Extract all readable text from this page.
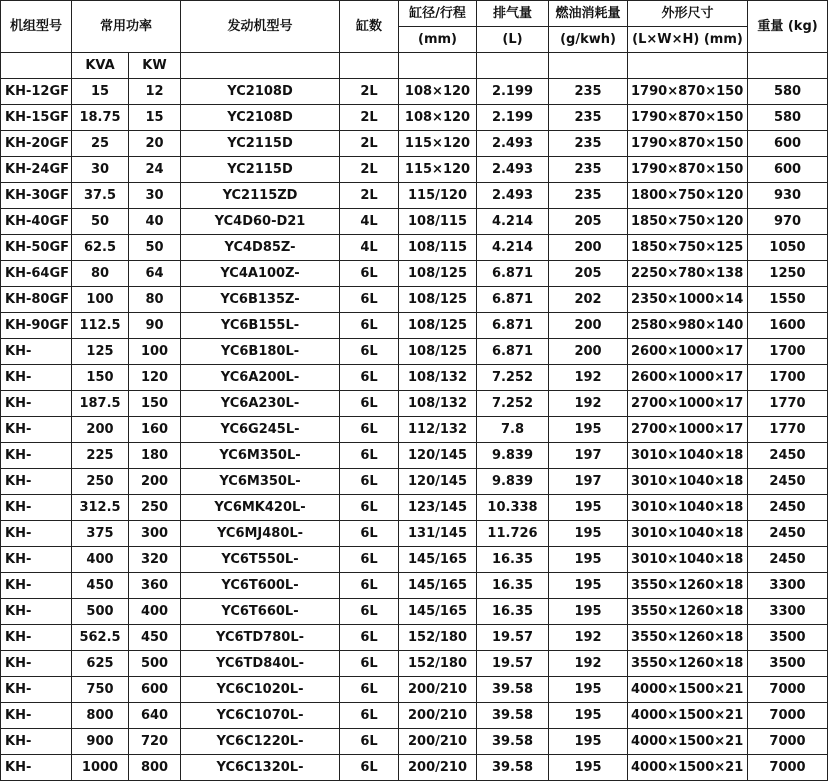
机组型号	常用功率		发动机型号	缸数	缸径/行程	排气量	燃油消耗量	外形尺寸	重量 (kg)
					(mm)	(L)	(g/kwh)	(L×W×H) (mm)	
	KVA	KW							
KH-12GF	15	12	YC2108D	2L	108×120	2.199	235	1790×870×150	580
KH-15GF	18.75	15	YC2108D	2L	108×120	2.199	235	1790×870×150	580
KH-20GF	25	20	YC2115D	2L	115×120	2.493	235	1790×870×150	600
KH-24GF	30	24	YC2115D	2L	115×120	2.493	235	1790×870×150	600
KH-30GF	37.5	30	YC2115ZD	2L	115/120	2.493	235	1800×750×120	930
KH-40GF	50	40	YC4D60-D21	4L	108/115	4.214	205	1850×750×120	970
KH-50GF	62.5	50	YC4D85Z-	4L	108/115	4.214	200	1850×750×125	1050
KH-64GF	80	64	YC4A100Z-	6L	108/125	6.871	205	2250×780×138	1250
KH-80GF	100	80	YC6B135Z-	6L	108/125	6.871	202	2350×1000×14	1550
KH-90GF	112.5	90	YC6B155L-	6L	108/125	6.871	200	2580×980×140	1600
KH-	125	100	YC6B180L-	6L	108/125	6.871	200	2600×1000×17	1700
KH-	150	120	YC6A200L-	6L	108/132	7.252	192	2600×1000×17	1700
KH-	187.5	150	YC6A230L-	6L	108/132	7.252	192	2700×1000×17	1770
KH-	200	160	YC6G245L-	6L	112/132	7.8	195	2700×1000×17	1770
KH-	225	180	YC6M350L-	6L	120/145	9.839	197	3010×1040×18	2450
KH-	250	200	YC6M350L-	6L	120/145	9.839	197	3010×1040×18	2450
KH-	312.5	250	YC6MK420L-	6L	123/145	10.338	195	3010×1040×18	2450
KH-	375	300	YC6MJ480L-	6L	131/145	11.726	195	3010×1040×18	2450
KH-	400	320	YC6T550L-	6L	145/165	16.35	195	3010×1040×18	2450
KH-	450	360	YC6T600L-	6L	145/165	16.35	195	3550×1260×18	3300
KH-	500	400	YC6T660L-	6L	145/165	16.35	195	3550×1260×18	3300
KH-	562.5	450	YC6TD780L-	6L	152/180	19.57	192	3550×1260×18	3500
KH-	625	500	YC6TD840L-	6L	152/180	19.57	192	3550×1260×18	3500
KH-	750	600	YC6C1020L-	6L	200/210	39.58	195	4000×1500×21	7000
KH-	800	640	YC6C1070L-	6L	200/210	39.58	195	4000×1500×21	7000
KH-	900	720	YC6C1220L-	6L	200/210	39.58	195	4000×1500×21	7000
KH-	1000	800	YC6C1320L-	6L	200/210	39.58	195	4000×1500×21	7000
